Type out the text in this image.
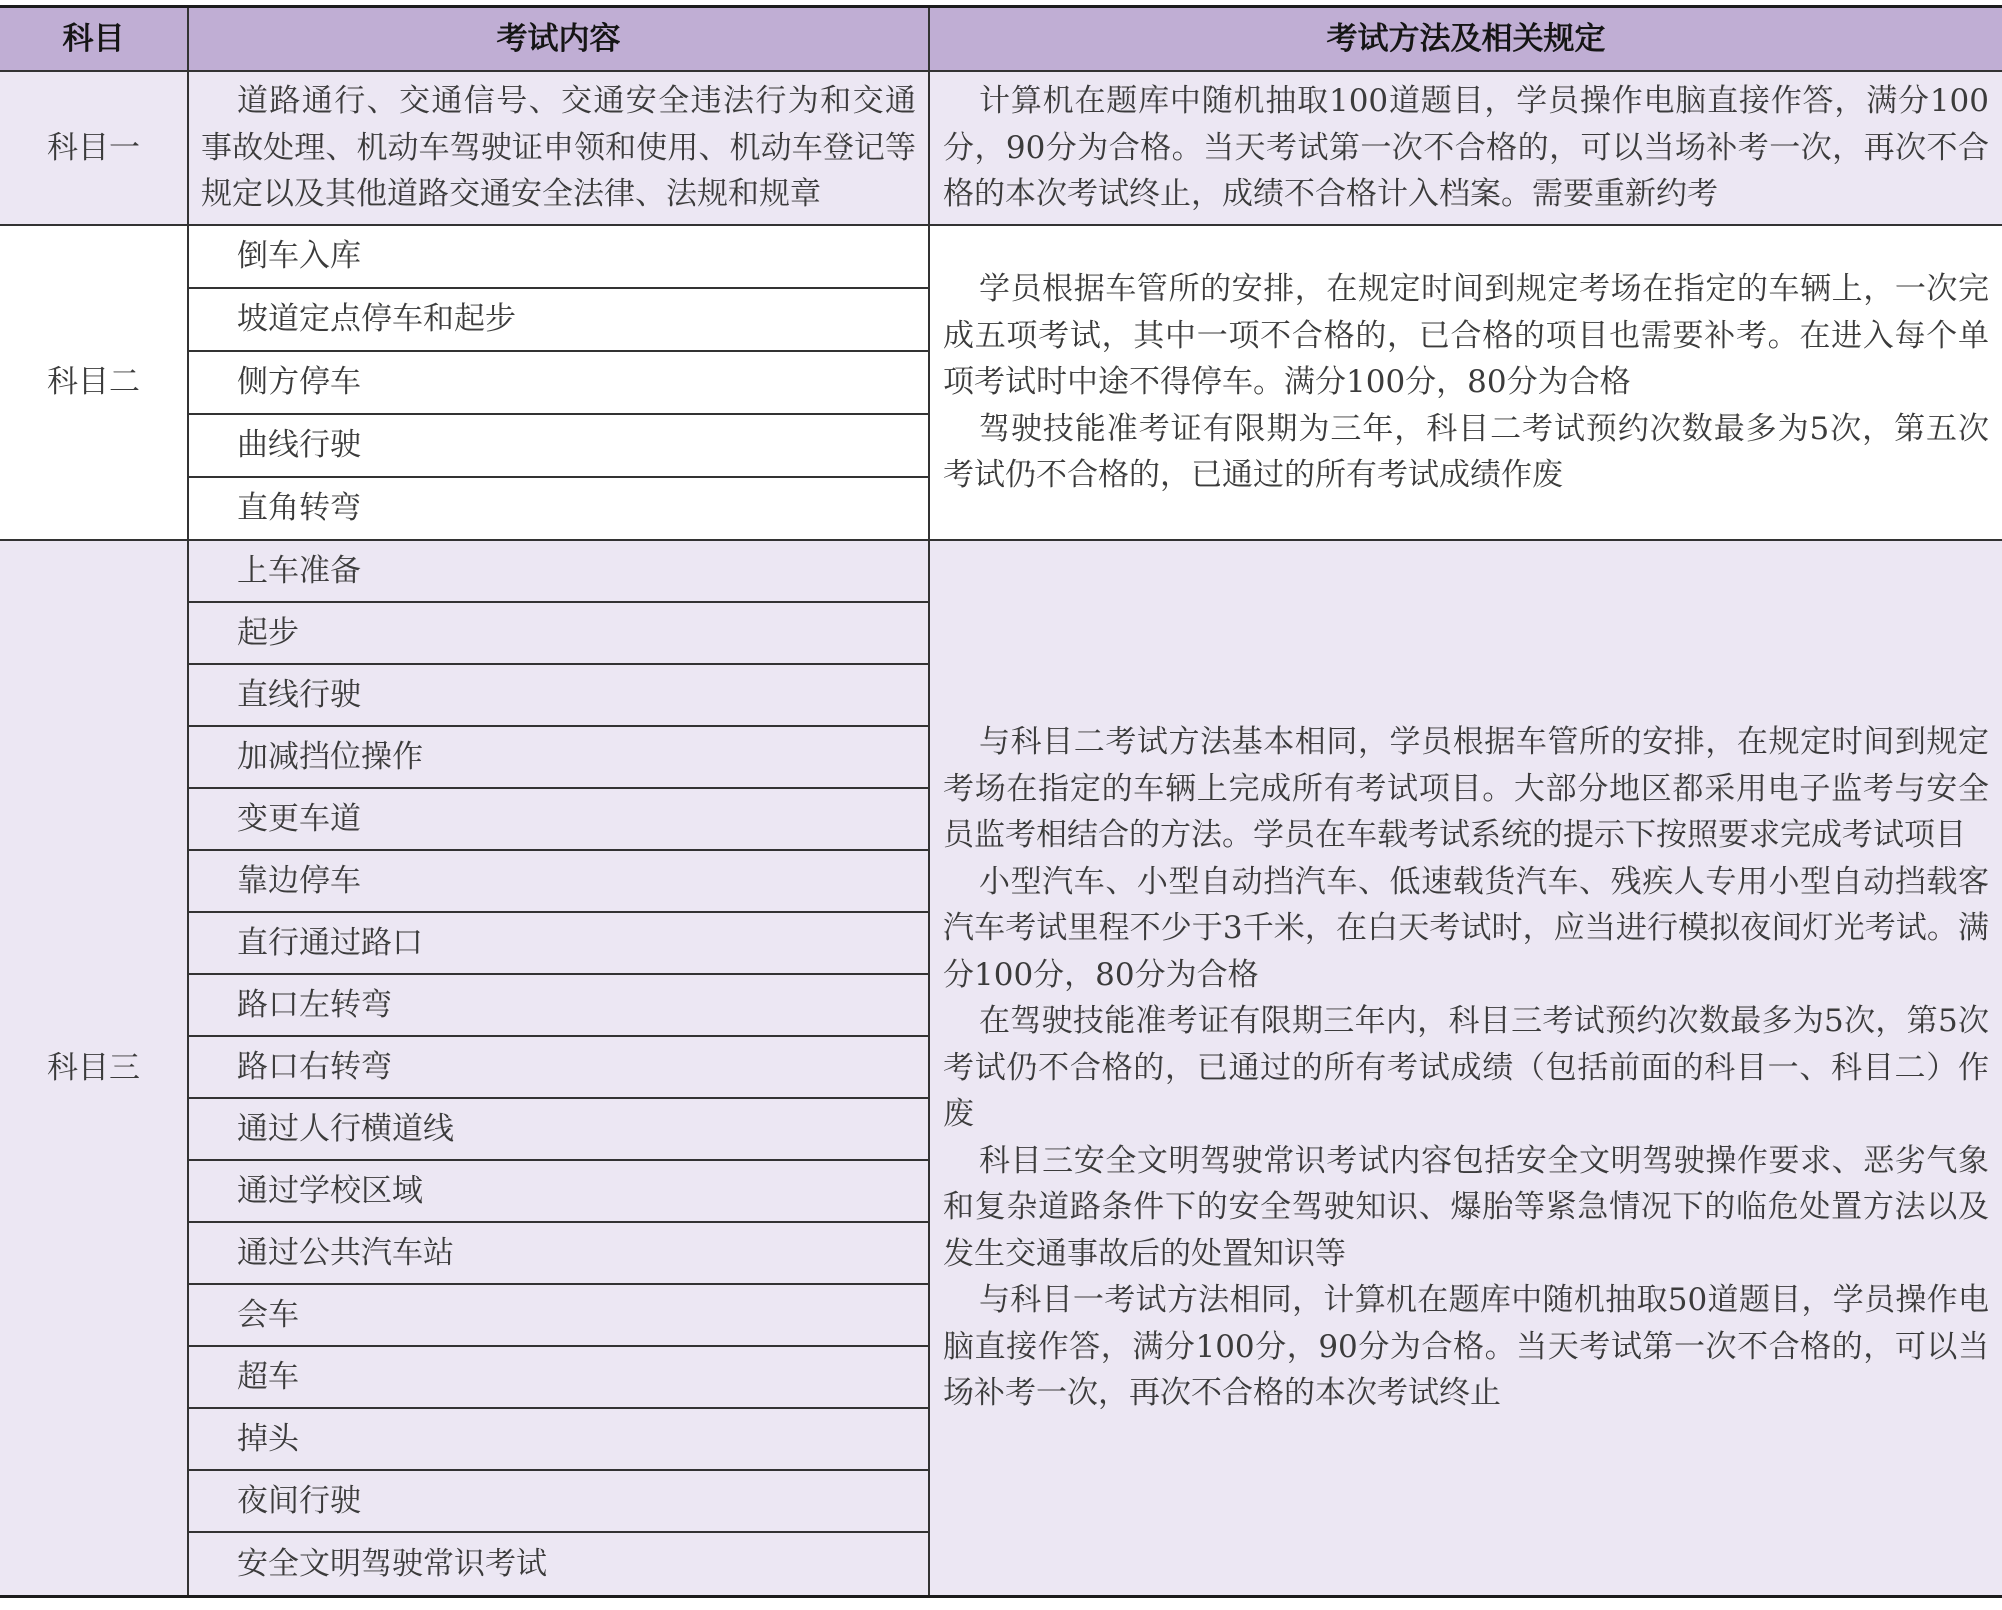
科目	考试内容	考试方法及相关规定
科目一

道路通行、交通信号、交通安全违法行为和交通事故处理、机动车驾驶证申领和使用、机动车登记等规定以及其他道路交通安全法律、法规和规章

计算机在题库中随机抽取100道题目，学员操作电脑直接作答，满分100分，90分为合格。当天考试第一次不合格的，可以当场补考一次，再次不合格的本次考试终止，成绩不合格计入档案。需要重新约考

科目二
倒车入库
坡道定点停车和起步
侧方停车
曲线行驶
直角转弯

学员根据车管所的安排，在规定时间到规定考场在指定的车辆上，一次完成五项考试，其中一项不合格的，已合格的项目也需要补考。在进入每个单项考试时中途不得停车。满分100分，80分为合格

驾驶技能准考证有限期为三年，科目二考试预约次数最多为5次，第五次考试仍不合格的，已通过的所有考试成绩作废

科目三
上车准备
起步
直线行驶
加减挡位操作
变更车道
靠边停车
直行通过路口
路口左转弯
路口右转弯
通过人行横道线
通过学校区域
通过公共汽车站
会车
超车
掉头
夜间行驶
安全文明驾驶常识考试

与科目二考试方法基本相同，学员根据车管所的安排，在规定时间到规定考场在指定的车辆上完成所有考试项目。大部分地区都采用电子监考与安全员监考相结合的方法。学员在车载考试系统的提示下按照要求完成考试项目

小型汽车、小型自动挡汽车、低速载货汽车、残疾人专用小型自动挡载客汽车考试里程不少于3千米，在白天考试时，应当进行模拟夜间灯光考试。满分100分，80分为合格

在驾驶技能准考证有限期三年内，科目三考试预约次数最多为5次，第5次考试仍不合格的，已通过的所有考试成绩（包括前面的科目一、科目二）作废

科目三安全文明驾驶常识考试内容包括安全文明驾驶操作要求、恶劣气象和复杂道路条件下的安全驾驶知识、爆胎等紧急情况下的临危处置方法以及发生交通事故后的处置知识等

与科目一考试方法相同，计算机在题库中随机抽取50道题目，学员操作电脑直接作答，满分100分，90分为合格。当天考试第一次不合格的，可以当场补考一次，再次不合格的本次考试终止
